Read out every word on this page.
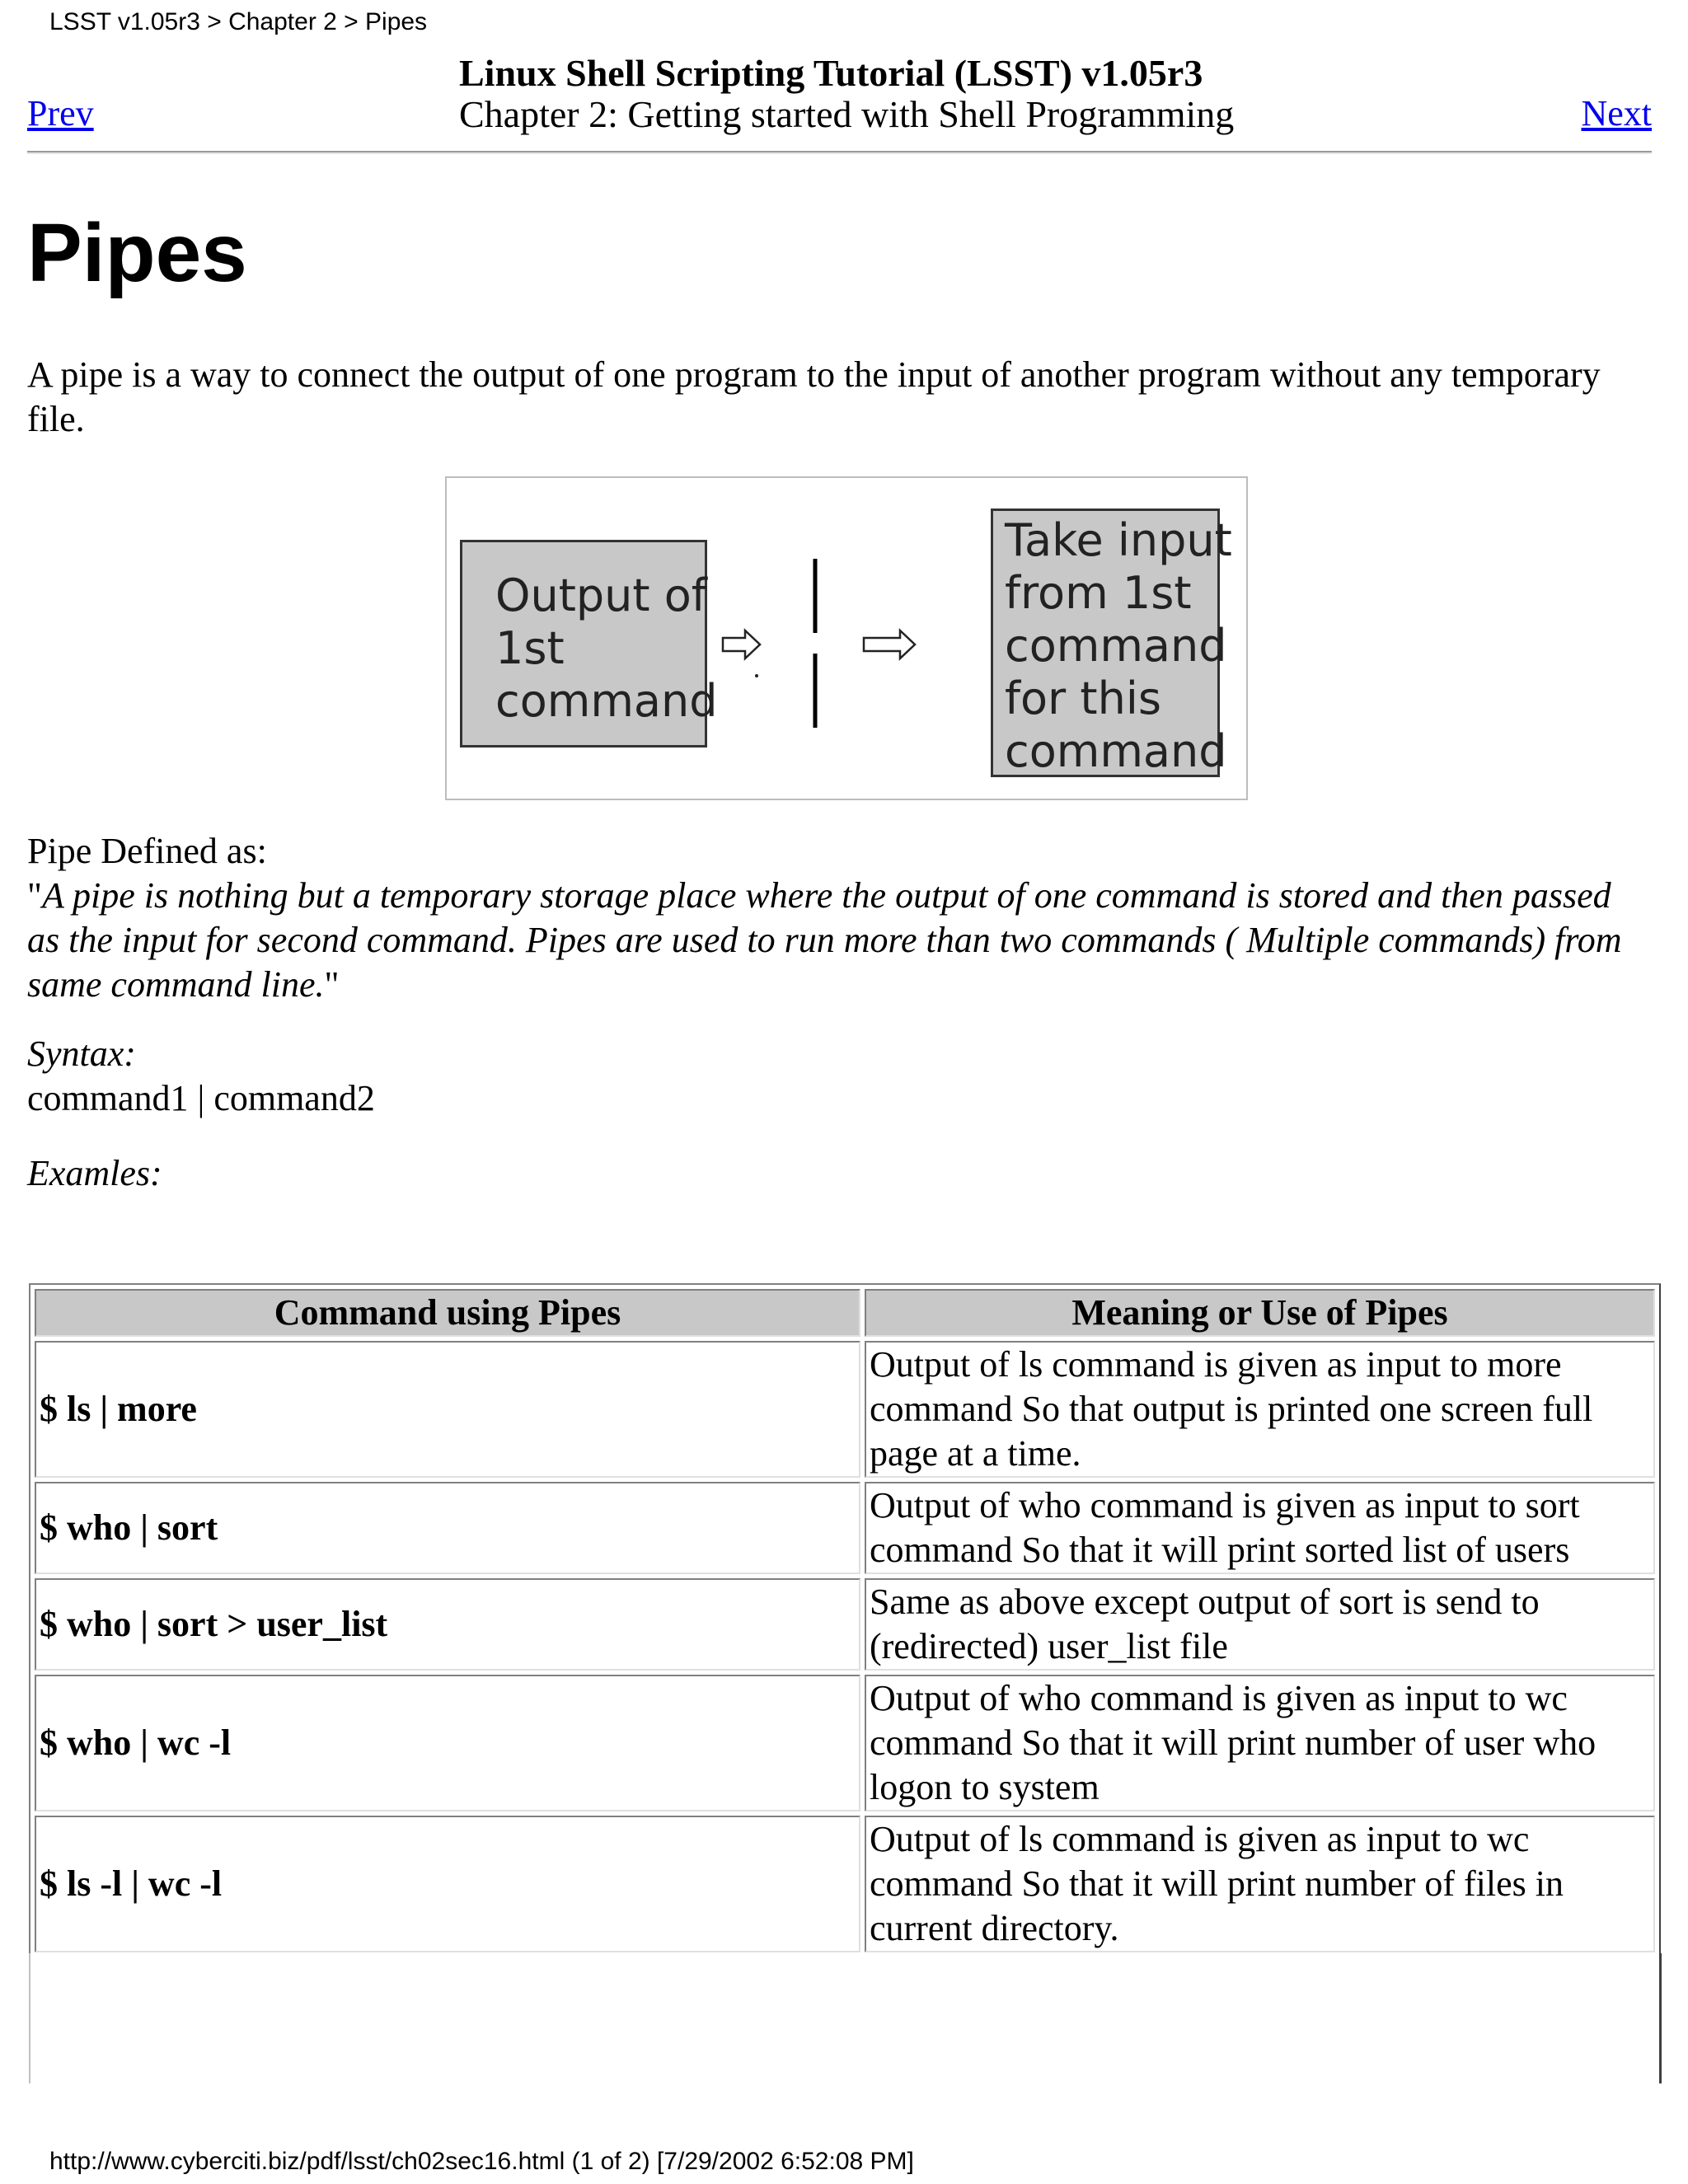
LSST v1.05r3 > Chapter 2 > Pipes
Prev
Linux Shell Scripting Tutorial (LSST) v1.05r3
Chapter 2: Getting started with Shell Programming	Next
Pipes

A pipe is a way to connect the output of one program to the input of another program without any temporary file.

Output of
1st
command
Take input
from 1st
command
for this
command
Pipe Defined as:
"A pipe is nothing but a temporary storage place where the output of one command is stored and then passed as the input for second command. Pipes are used to run more than two commands ( Multiple commands) from same command line."
Syntax:
command1 | command2
Examles:
Command using Pipes	Meaning or Use of Pipes
$ ls | more	Output of ls command is given as input to more command So that output is printed one screen full page at a time.
$ who | sort	Output of who command is given as input to sort command So that it will print sorted list of users
$ who | sort > user_list	Same as above except output of sort is send to (redirected) user_list file
$ who | wc -l	Output of who command is given as input to wc command So that it will print number of user who logon to system
$ ls -l | wc -l	Output of ls command is given as input to wc command So that it will print number of files in current directory.
http://www.cyberciti.biz/pdf/lsst/ch02sec16.html (1 of 2) [7/29/2002 6:52:08 PM]
